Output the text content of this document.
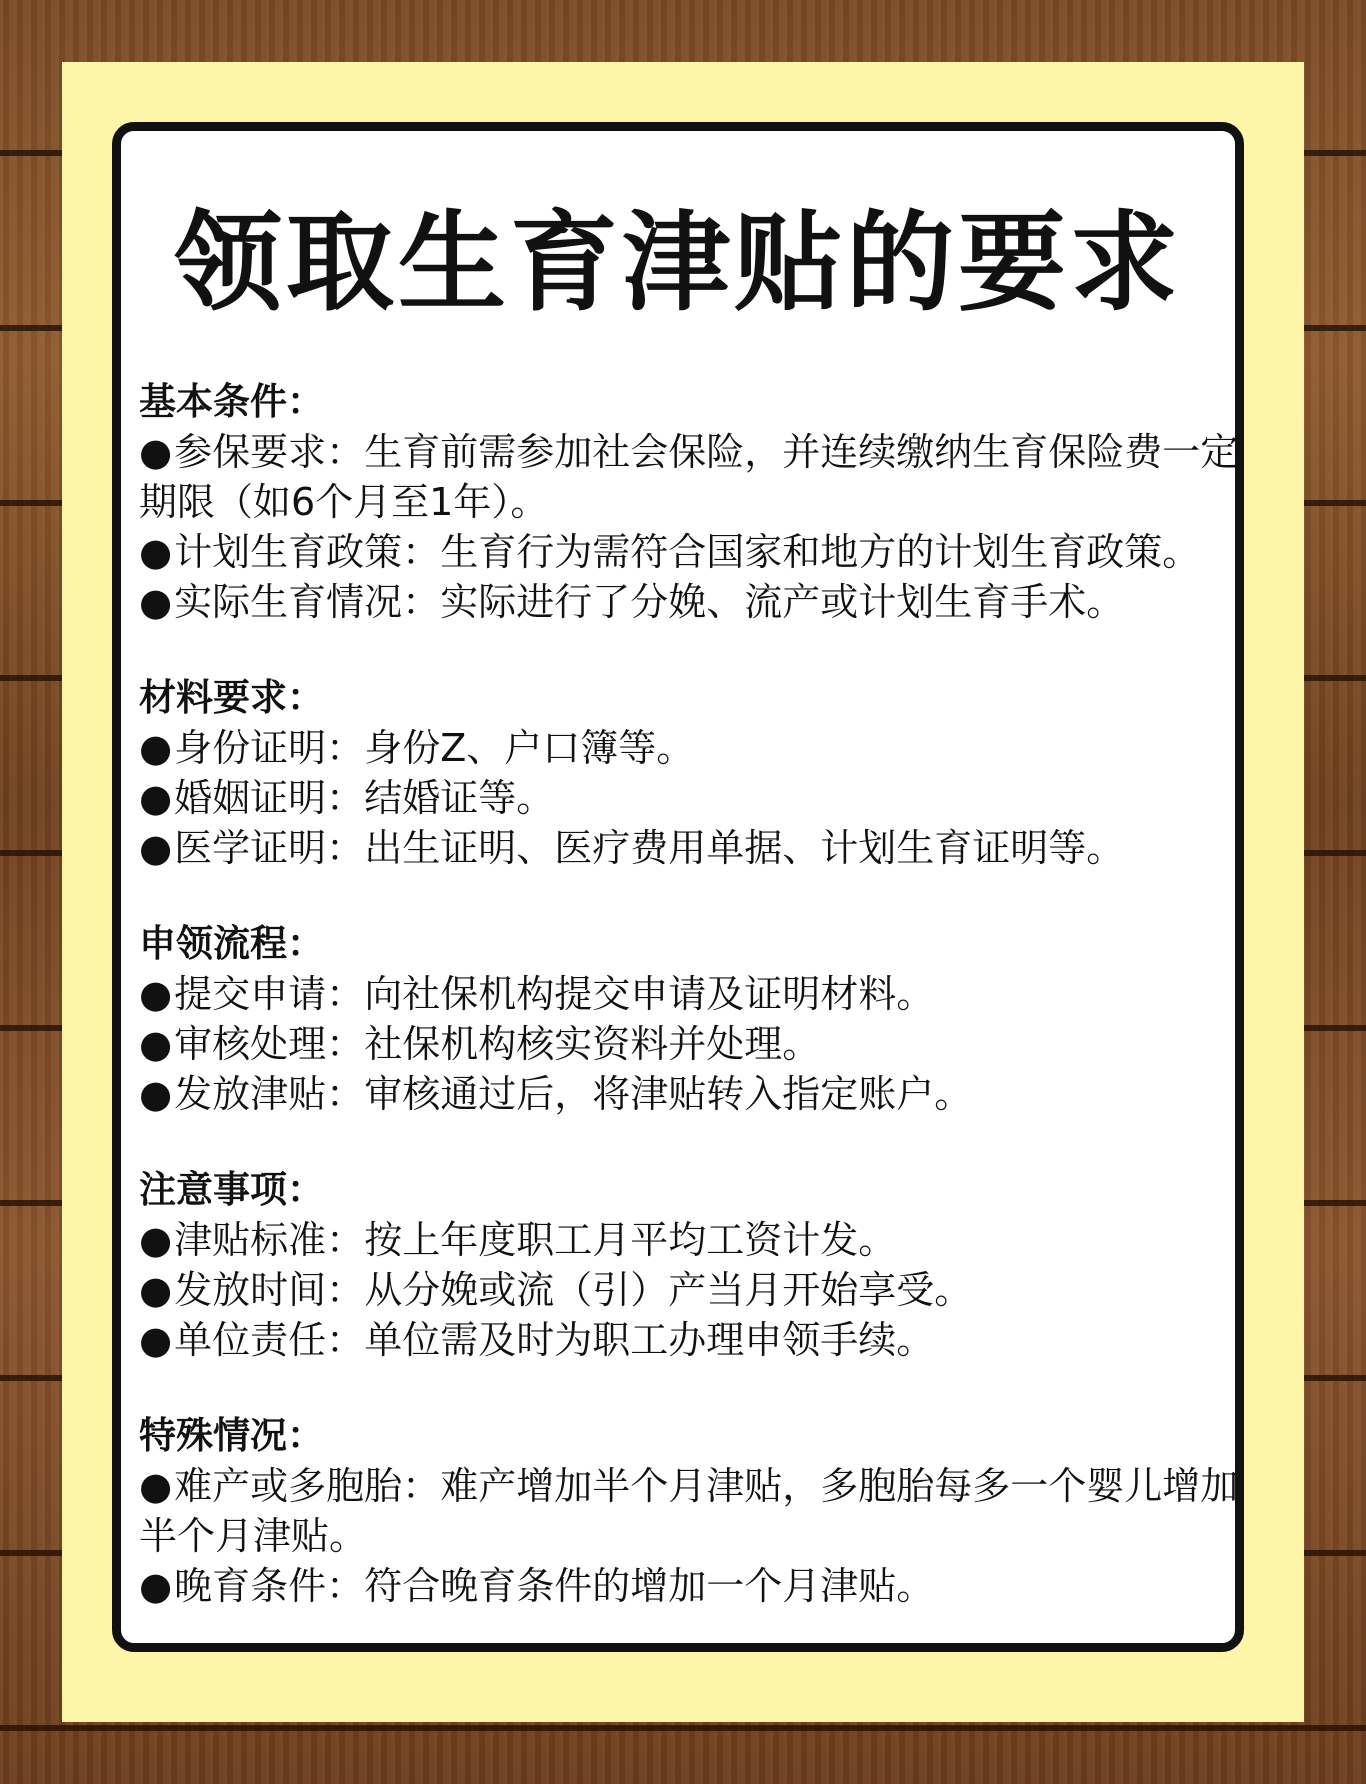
领取生育津贴的要求

基本条件：

●参保要求：生育前需参加社会保险，并连续缴纳生育保险费一定期限（如6个月至1年）。

●计划生育政策：生育行为需符合国家和地方的计划生育政策。

●实际生育情况：实际进行了分娩、流产或计划生育手术。

材料要求：

●身份证明：身份Z、户口簿等。

●婚姻证明：结婚证等。

●医学证明：出生证明、医疗费用单据、计划生育证明等。

申领流程：

●提交申请：向社保机构提交申请及证明材料。

●审核处理：社保机构核实资料并处理。

●发放津贴：审核通过后，将津贴转入指定账户。

注意事项：

●津贴标准：按上年度职工月平均工资计发。

●发放时间：从分娩或流（引）产当月开始享受。

●单位责任：单位需及时为职工办理申领手续。

特殊情况：

●难产或多胞胎：难产增加半个月津贴，多胞胎每多一个婴儿增加半个月津贴。

●晚育条件：符合晚育条件的增加一个月津贴。
